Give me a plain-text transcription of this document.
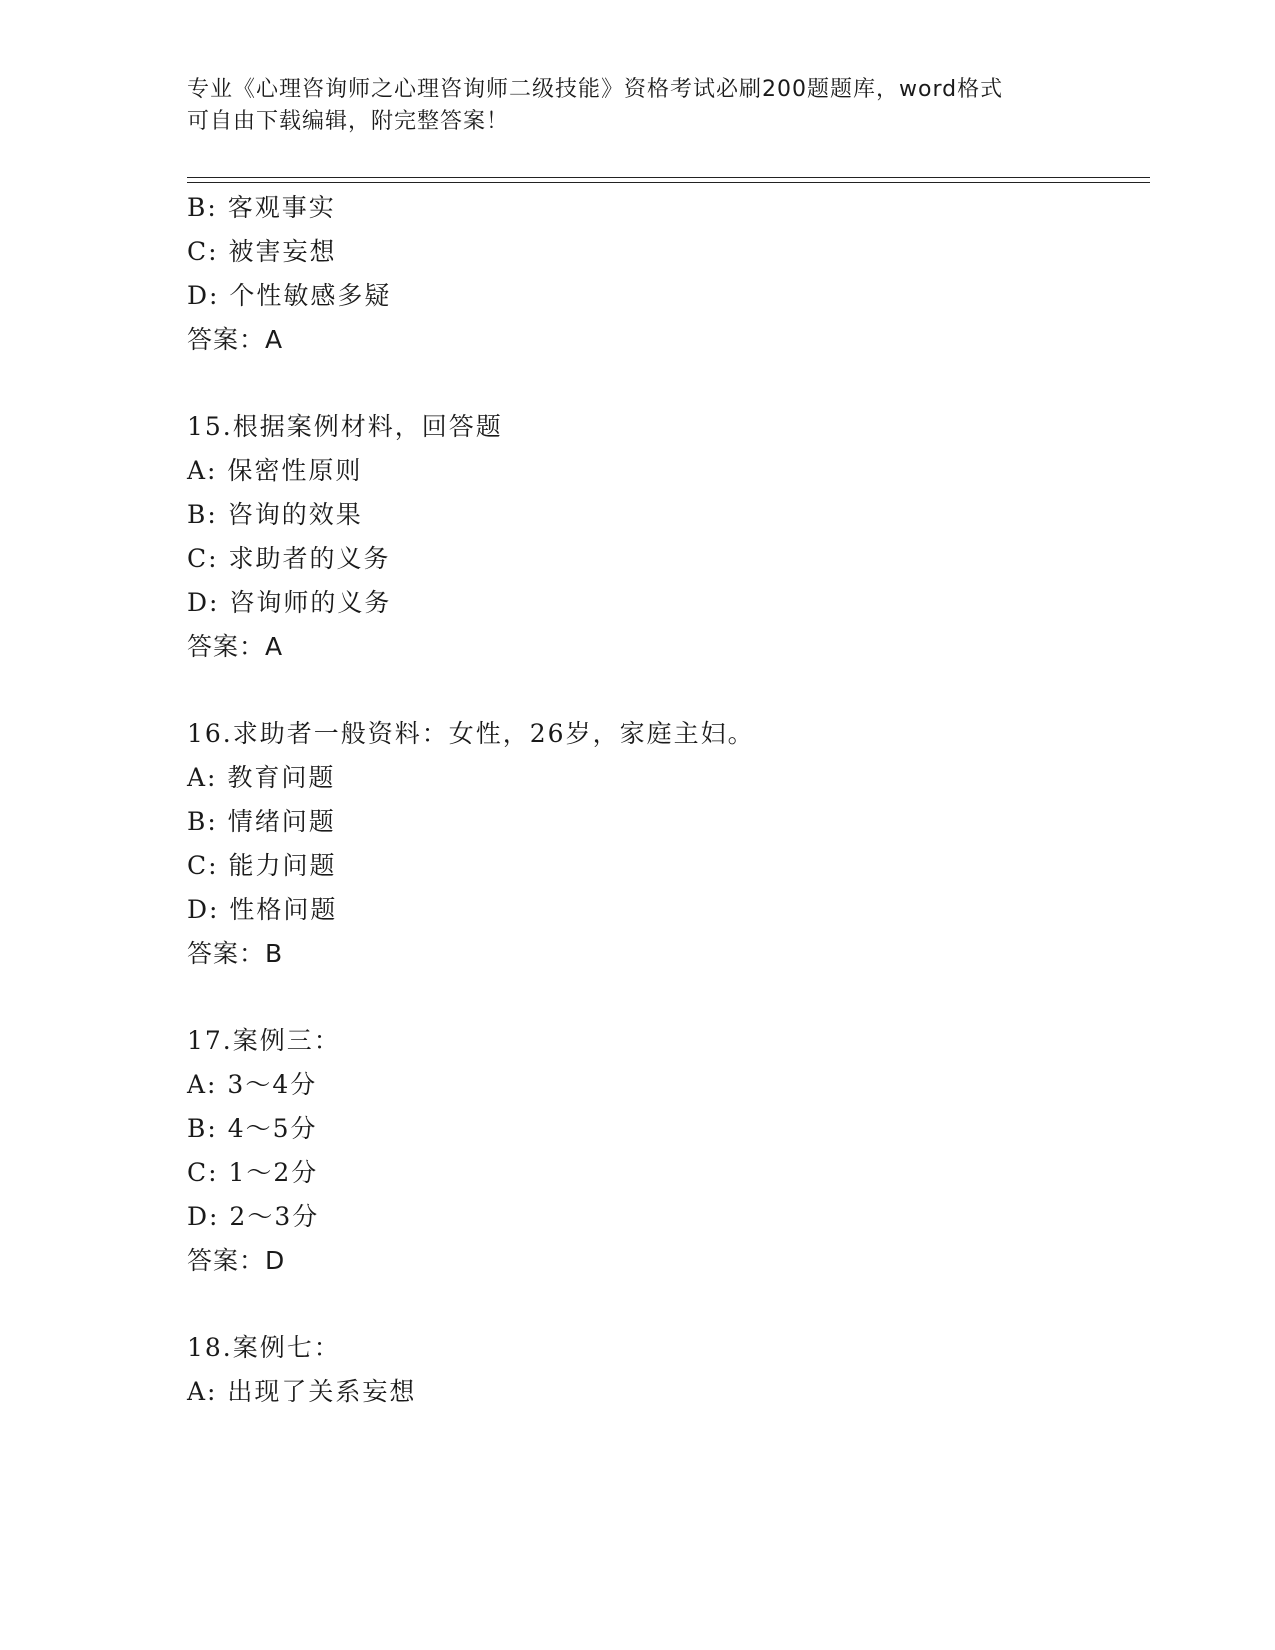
专业《心理咨询师之心理咨询师二级技能》资格考试必刷200题题库，word格式
可自由下载编辑，附完整答案！
B: 客观事实
C: 被害妄想
D: 个性敏感多疑
答案：A
15.根据案例材料，回答题
A: 保密性原则
B: 咨询的效果
C: 求助者的义务
D: 咨询师的义务
答案：A
16.求助者一般资料：女性，26岁，家庭主妇。
A: 教育问题
B: 情绪问题
C: 能力问题
D: 性格问题
答案：B
17.案例三：
A: 3～4分
B: 4～5分
C: 1～2分
D: 2～3分
答案：D
18.案例七：
A: 出现了关系妄想
